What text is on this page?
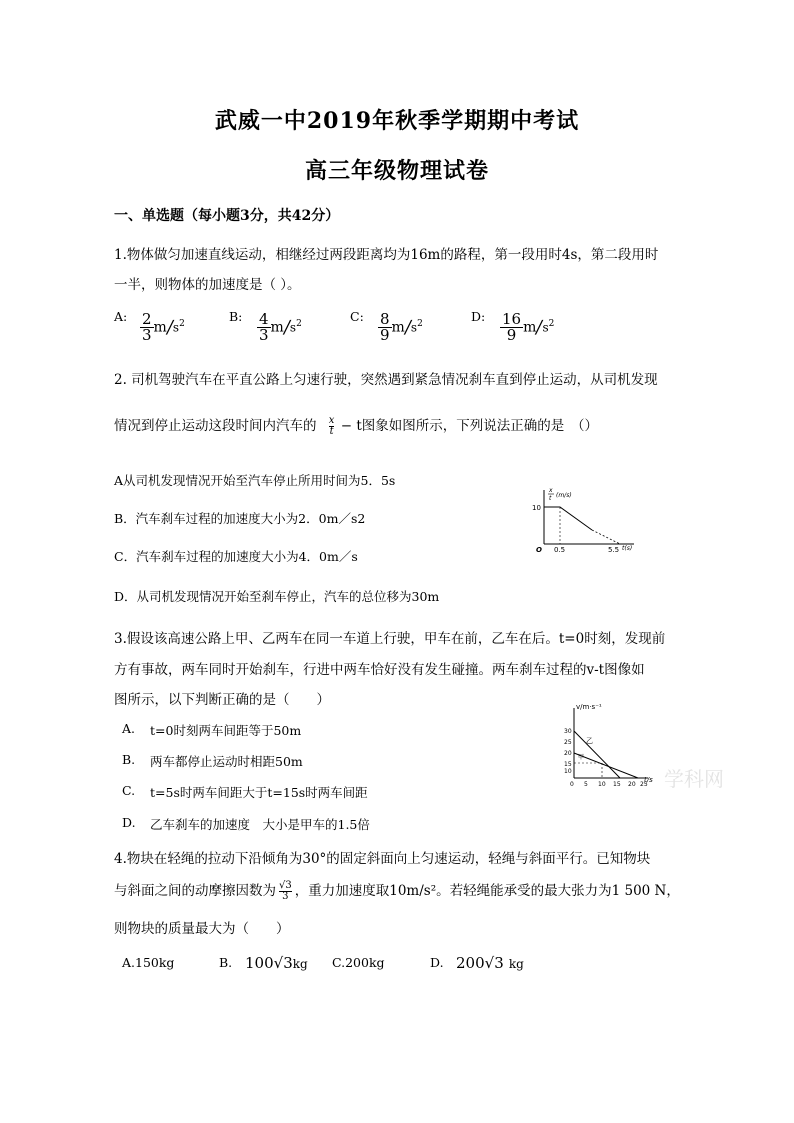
武威一中2019年秋季学期期中考试
高三年级物理试卷
一、单选题（每小题3分，共42分）
1.物体做匀加速直线运动，相继经过两段距离均为16m的路程，第一段用时4s，第二段用时
一半，则物体的加速度是（ ）。
A: $\frac{2}{3} m/s^2$	B: $\frac{4}{3} m/s^2$	C: $\frac{8}{9} m/s^2$	D: $\frac{16}{9} m/s^2$
2. 司机驾驶汽车在平直公路上匀速行驶，突然遇到紧急情况刹车直到停止运动，从司机发现
情况到停止运动这段时间内汽车的 $\frac{x}{t} - t$图象如图所示，下列说法正确的是　（）
A从司机发现情况开始至汽车停止所用时间为5．5s
B．汽车刹车过程的加速度大小为2．0m／s2
C．汽车刹车过程的加速度大小为4．0m／s
D．从司机发现情况开始至刹车停止，汽车的总位移为30m
x
t (m/s)
10
O 0.5	5.5 t(s)
3.假设该高速公路上甲、乙两车在同一车道上行驶，甲车在前，乙车在后。t=0时刻，发现前
方有事故，两车同时开始刹车，行进中两车恰好没有发生碰撞。两车刹车过程的v-t图像如
图所示，以下判断正确的是（　　）
A. t=0时刻两车间距等于50m
B. 两车都停止运动时相距50m
C. t=5s时两车间距大于t=15s时两车间距
D. 乙车刹车的加速度　大小是甲车的1.5倍
v/m·s⁻¹
30
25
20
15
10
乙
甲
0 5 10 15 20 25
t/s 学科网
4.物块在轻绳的拉动下沿倾角为30°的固定斜面向上匀速运动，轻绳与斜面平行。已知物块
与斜面之间的动摩擦因数为 $\frac{√3}{3}$ ，重力加速度取10m/s²。若轻绳能承受的最大张力为1 500 N，
则物块的质量最大为（　　）
A.150kg	B. 100√3kg C.200kg	D. 200√3 kg
